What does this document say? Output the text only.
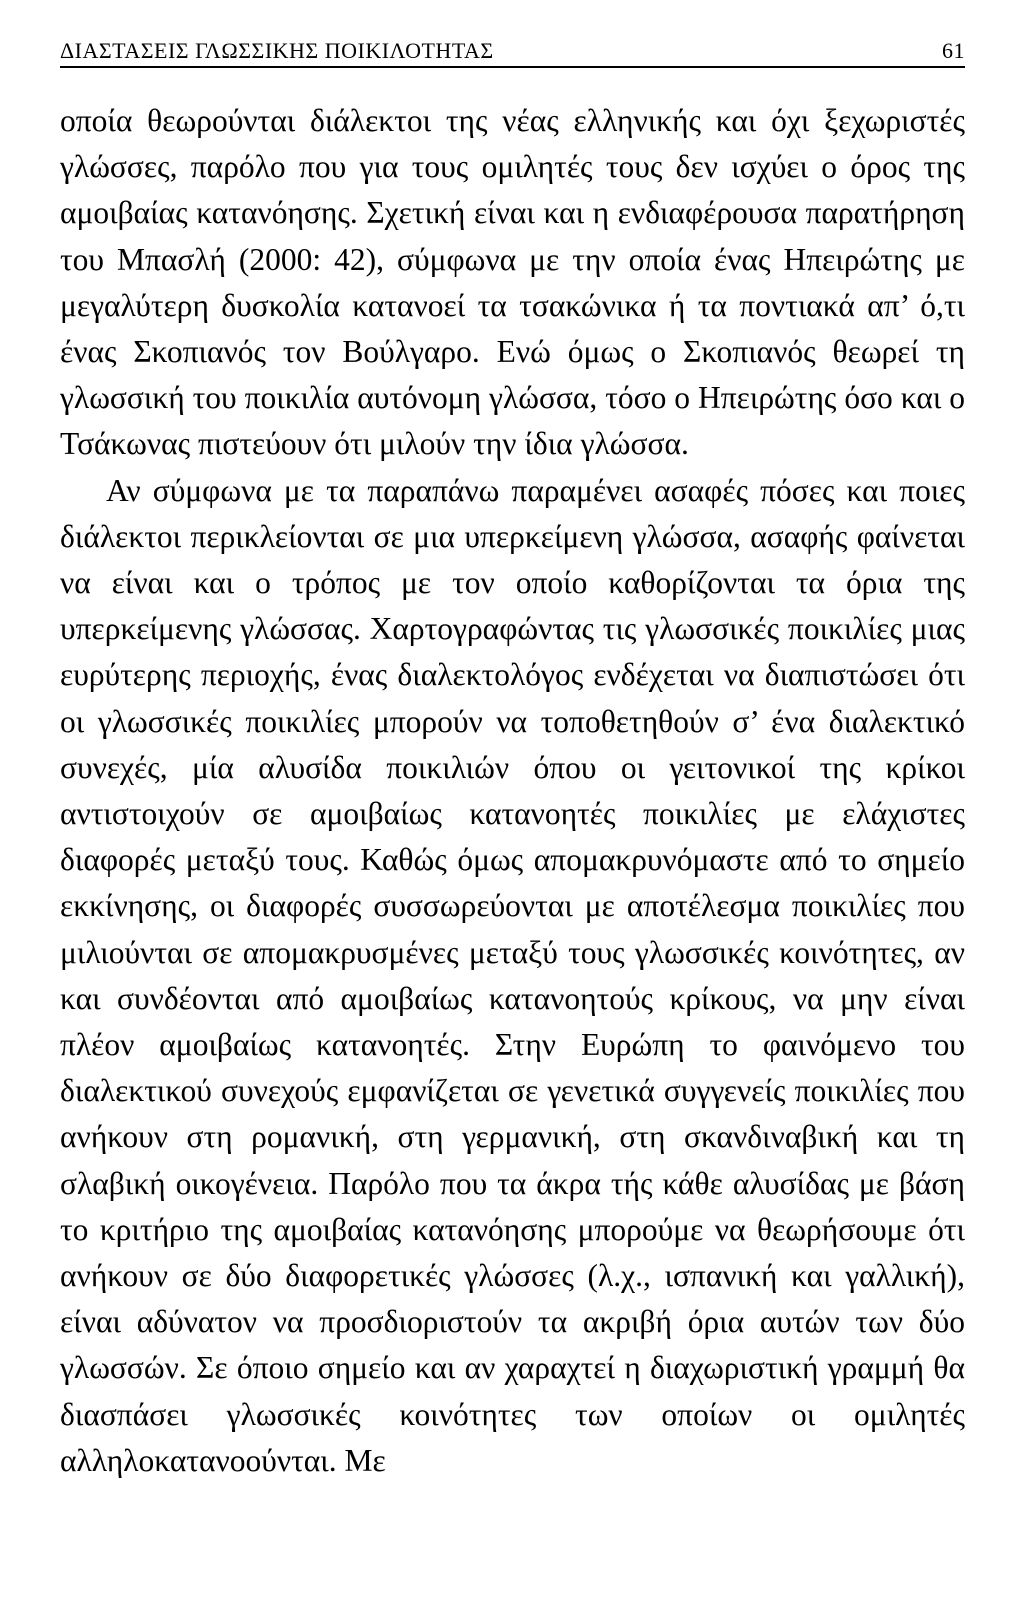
ΔΙΑΣΤΑΣΕΙΣ ΓΛΩΣΣΙΚΗΣ ΠΟΙΚΙΛΟΤΗΤΑΣ	61

οποία θεωρούνται διάλεκτοι της νέας ελληνικής και όχι ξεχωριστές γλώσσες, παρόλο που για τους ομιλητές τους δεν ισχύει ο όρος της αμοιβαίας κατανόησης. Σχετική είναι και η ενδιαφέρουσα παρατήρηση του Μπασλή (2000: 42), σύμφωνα με την οποία ένας Ηπειρώτης με μεγαλύτερη δυσκολία κατανοεί τα τσακώνικα ή τα ποντιακά απ’ ό,τι ένας Σκοπιανός τον Βούλγαρο. Ενώ όμως ο Σκοπιανός θεωρεί τη γλωσσική του ποικιλία αυτόνομη γλώσσα, τόσο ο Ηπειρώτης όσο και ο Τσάκωνας πιστεύουν ότι μιλούν την ίδια γλώσσα.

Αν σύμφωνα με τα παραπάνω παραμένει ασαφές πόσες και ποιες διάλεκτοι περικλείονται σε μια υπερκείμενη γλώσσα, ασαφής φαίνεται να είναι και ο τρόπος με τον οποίο καθορίζονται τα όρια της υπερκείμενης γλώσσας. Χαρτογραφώντας τις γλωσσικές ποικιλίες μιας ευρύτερης περιοχής, ένας διαλεκτολόγος ενδέχεται να διαπιστώσει ότι οι γλωσσικές ποικιλίες μπορούν να τοποθετηθούν σ’ ένα διαλεκτικό συνεχές, μία αλυσίδα ποικιλιών όπου οι γειτονικοί της κρίκοι αντιστοιχούν σε αμοιβαίως κατανοητές ποικιλίες με ελάχιστες διαφορές μεταξύ τους. Καθώς όμως απομακρυνόμαστε από το σημείο εκκίνησης, οι διαφορές συσσωρεύονται με αποτέλεσμα ποικιλίες που μιλιούνται σε απομακρυσμένες μεταξύ τους γλωσσικές κοινότητες, αν και συνδέονται από αμοιβαίως κατανοητούς κρίκους, να μην είναι πλέον αμοιβαίως κατανοητές. Στην Ευρώπη το φαινόμενο του διαλεκτικού συνεχούς εμφανίζεται σε γενετικά συγγενείς ποικιλίες που ανήκουν στη ρομανική, στη γερμανική, στη σκανδιναβική και τη σλαβική οικογένεια. Παρόλο που τα άκρα τής κάθε αλυσίδας με βάση το κριτήριο της αμοιβαίας κατανόησης μπορούμε να θεωρήσουμε ότι ανήκουν σε δύο διαφορετικές γλώσσες (λ.χ., ισπανική και γαλλική), είναι αδύνατον να προσδιοριστούν τα ακριβή όρια αυτών των δύο γλωσσών. Σε όποιο σημείο και αν χαραχτεί η διαχωριστική γραμμή θα διασπάσει γλωσσικές κοινότητες των οποίων οι ομιλητές αλληλοκατανοούνται. Με
